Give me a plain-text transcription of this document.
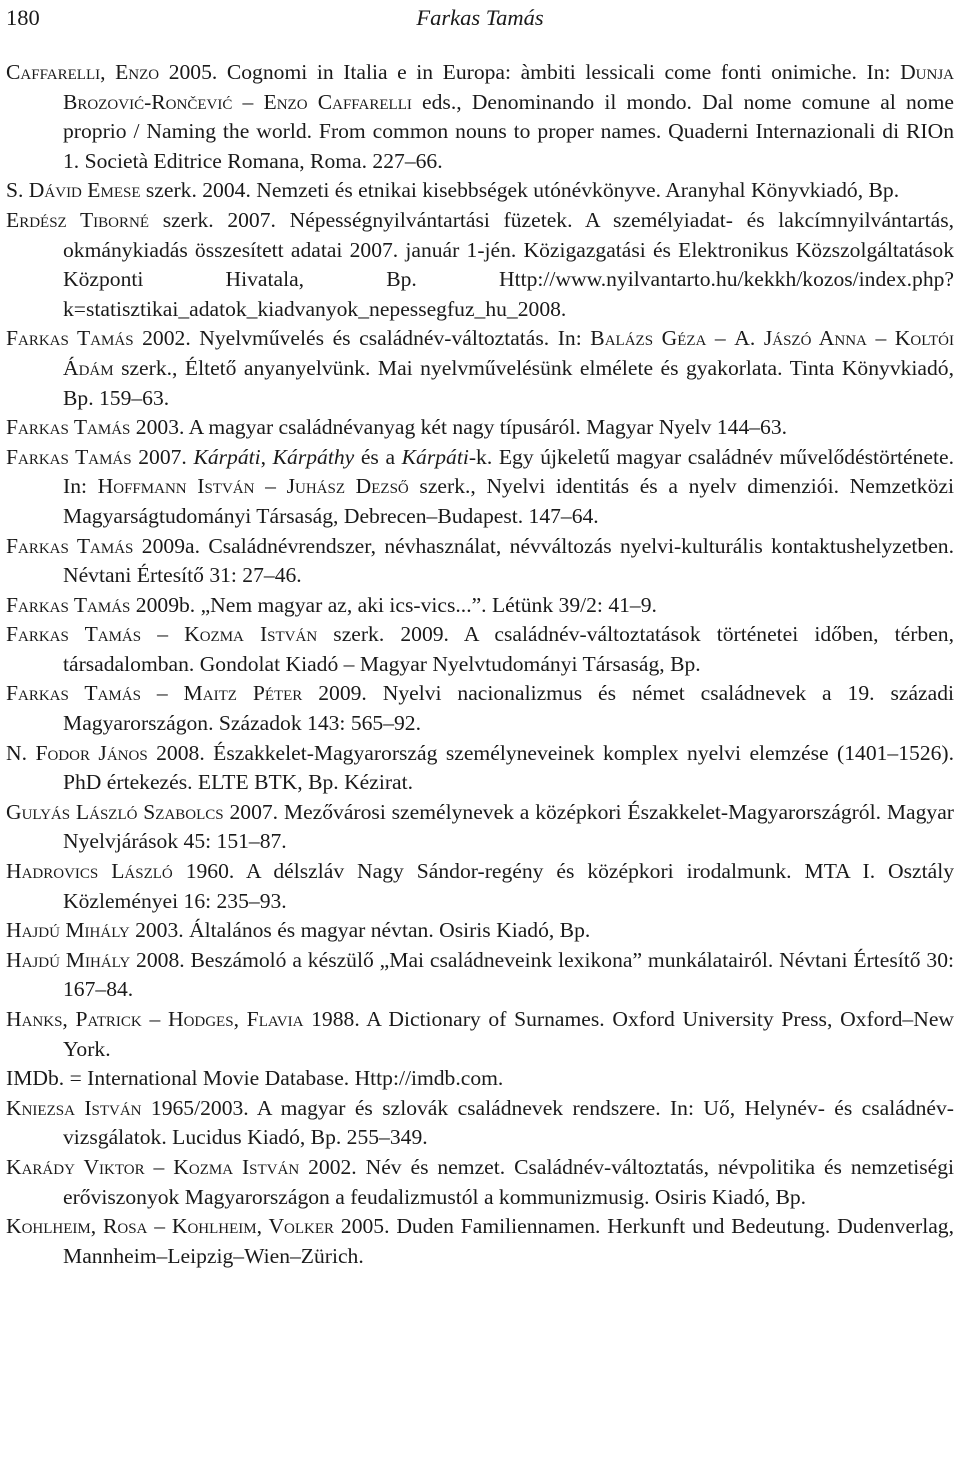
180	Farkas Tamás

Caffarelli, Enzo 2005. Cognomi in Italia e in Europa: àmbiti lessicali come fonti onimiche. In: Dunja Brozović-Rončević – Enzo Caffarelli eds., Denominando il mondo. Dal nome comune al nome proprio / Naming the world. From common nouns to proper names. Quaderni Internazionali di RIOn 1. Società Editrice Romana, Roma. 227–66.

S. Dávid Emese szerk. 2004. Nemzeti és etnikai kisebbségek utónévkönyve. Aranyhal Könyvkiadó, Bp.

Erdész Tiborné szerk. 2007. Népességnyilvántartási füzetek. A személyiadat- és lakcímnyilvántartás, okmánykiadás összesített adatai 2007. január 1-jén. Közigazgatási és Elektronikus Közszolgáltatások Központi Hivatala, Bp. Http://www.nyilvantarto.hu/kekkh/kozos/index.php?k=statisztikai_adatok_kiadvanyok_nepessegfuz_hu_2008.

Farkas Tamás 2002. Nyelvművelés és családnév-változtatás. In: Balázs Géza – A. Jászó Anna – Koltói Ádám szerk., Éltető anyanyelvünk. Mai nyelvművelésünk elmélete és gyakorlata. Tinta Könyvkiadó, Bp. 159–63.

Farkas Tamás 2003. A magyar családnévanyag két nagy típusáról. Magyar Nyelv 144–63.

Farkas Tamás 2007. Kárpáti, Kárpáthy és a Kárpáti-k. Egy újkeletű magyar családnév művelődéstörténete. In: Hoffmann István – Juhász Dezső szerk., Nyelvi identitás és a nyelv dimenziói. Nemzetközi Magyarságtudományi Társaság, Debrecen–Budapest. 147–64.

Farkas Tamás 2009a. Családnévrendszer, névhasználat, névváltozás nyelvi-kulturális kontaktushelyzetben. Névtani Értesítő 31: 27–46.

Farkas Tamás 2009b. „Nem magyar az, aki ics-vics...”. Létünk 39/2: 41–9.

Farkas Tamás – Kozma István szerk. 2009. A családnév-változtatások történetei időben, térben, társadalomban. Gondolat Kiadó – Magyar Nyelvtudományi Társaság, Bp.

Farkas Tamás – Maitz Péter 2009. Nyelvi nacionalizmus és német családnevek a 19. századi Magyarországon. Századok 143: 565–92.

N. Fodor János 2008. Északkelet-Magyarország személyneveinek komplex nyelvi elemzése (1401–1526). PhD értekezés. ELTE BTK, Bp. Kézirat.

Gulyás László Szabolcs 2007. Mezővárosi személynevek a középkori Északkelet-Magyarországról. Magyar Nyelvjárások 45: 151–87.

Hadrovics László 1960. A délszláv Nagy Sándor-regény és középkori irodalmunk. MTA I. Osztály Közleményei 16: 235–93.

Hajdú Mihály 2003. Általános és magyar névtan. Osiris Kiadó, Bp.

Hajdú Mihály 2008. Beszámoló a készülő „Mai családneveink lexikona” munkálatairól. Névtani Értesítő 30: 167–84.

Hanks, Patrick – Hodges, Flavia 1988. A Dictionary of Surnames. Oxford University Press, Oxford–New York.

IMDb. = International Movie Database. Http://imdb.com.

Kniezsa István 1965/2003. A magyar és szlovák családnevek rendszere. In: Uő, Helynév- és családnév-vizsgálatok. Lucidus Kiadó, Bp. 255–349.

Karády Viktor – Kozma István 2002. Név és nemzet. Családnév-változtatás, névpolitika és nemzetiségi erőviszonyok Magyarországon a feudalizmustól a kommunizmusig. Osiris Kiadó, Bp.

Kohlheim, Rosa – Kohlheim, Volker 2005. Duden Familiennamen. Herkunft und Bedeutung. Dudenverlag, Mannheim–Leipzig–Wien–Zürich.
